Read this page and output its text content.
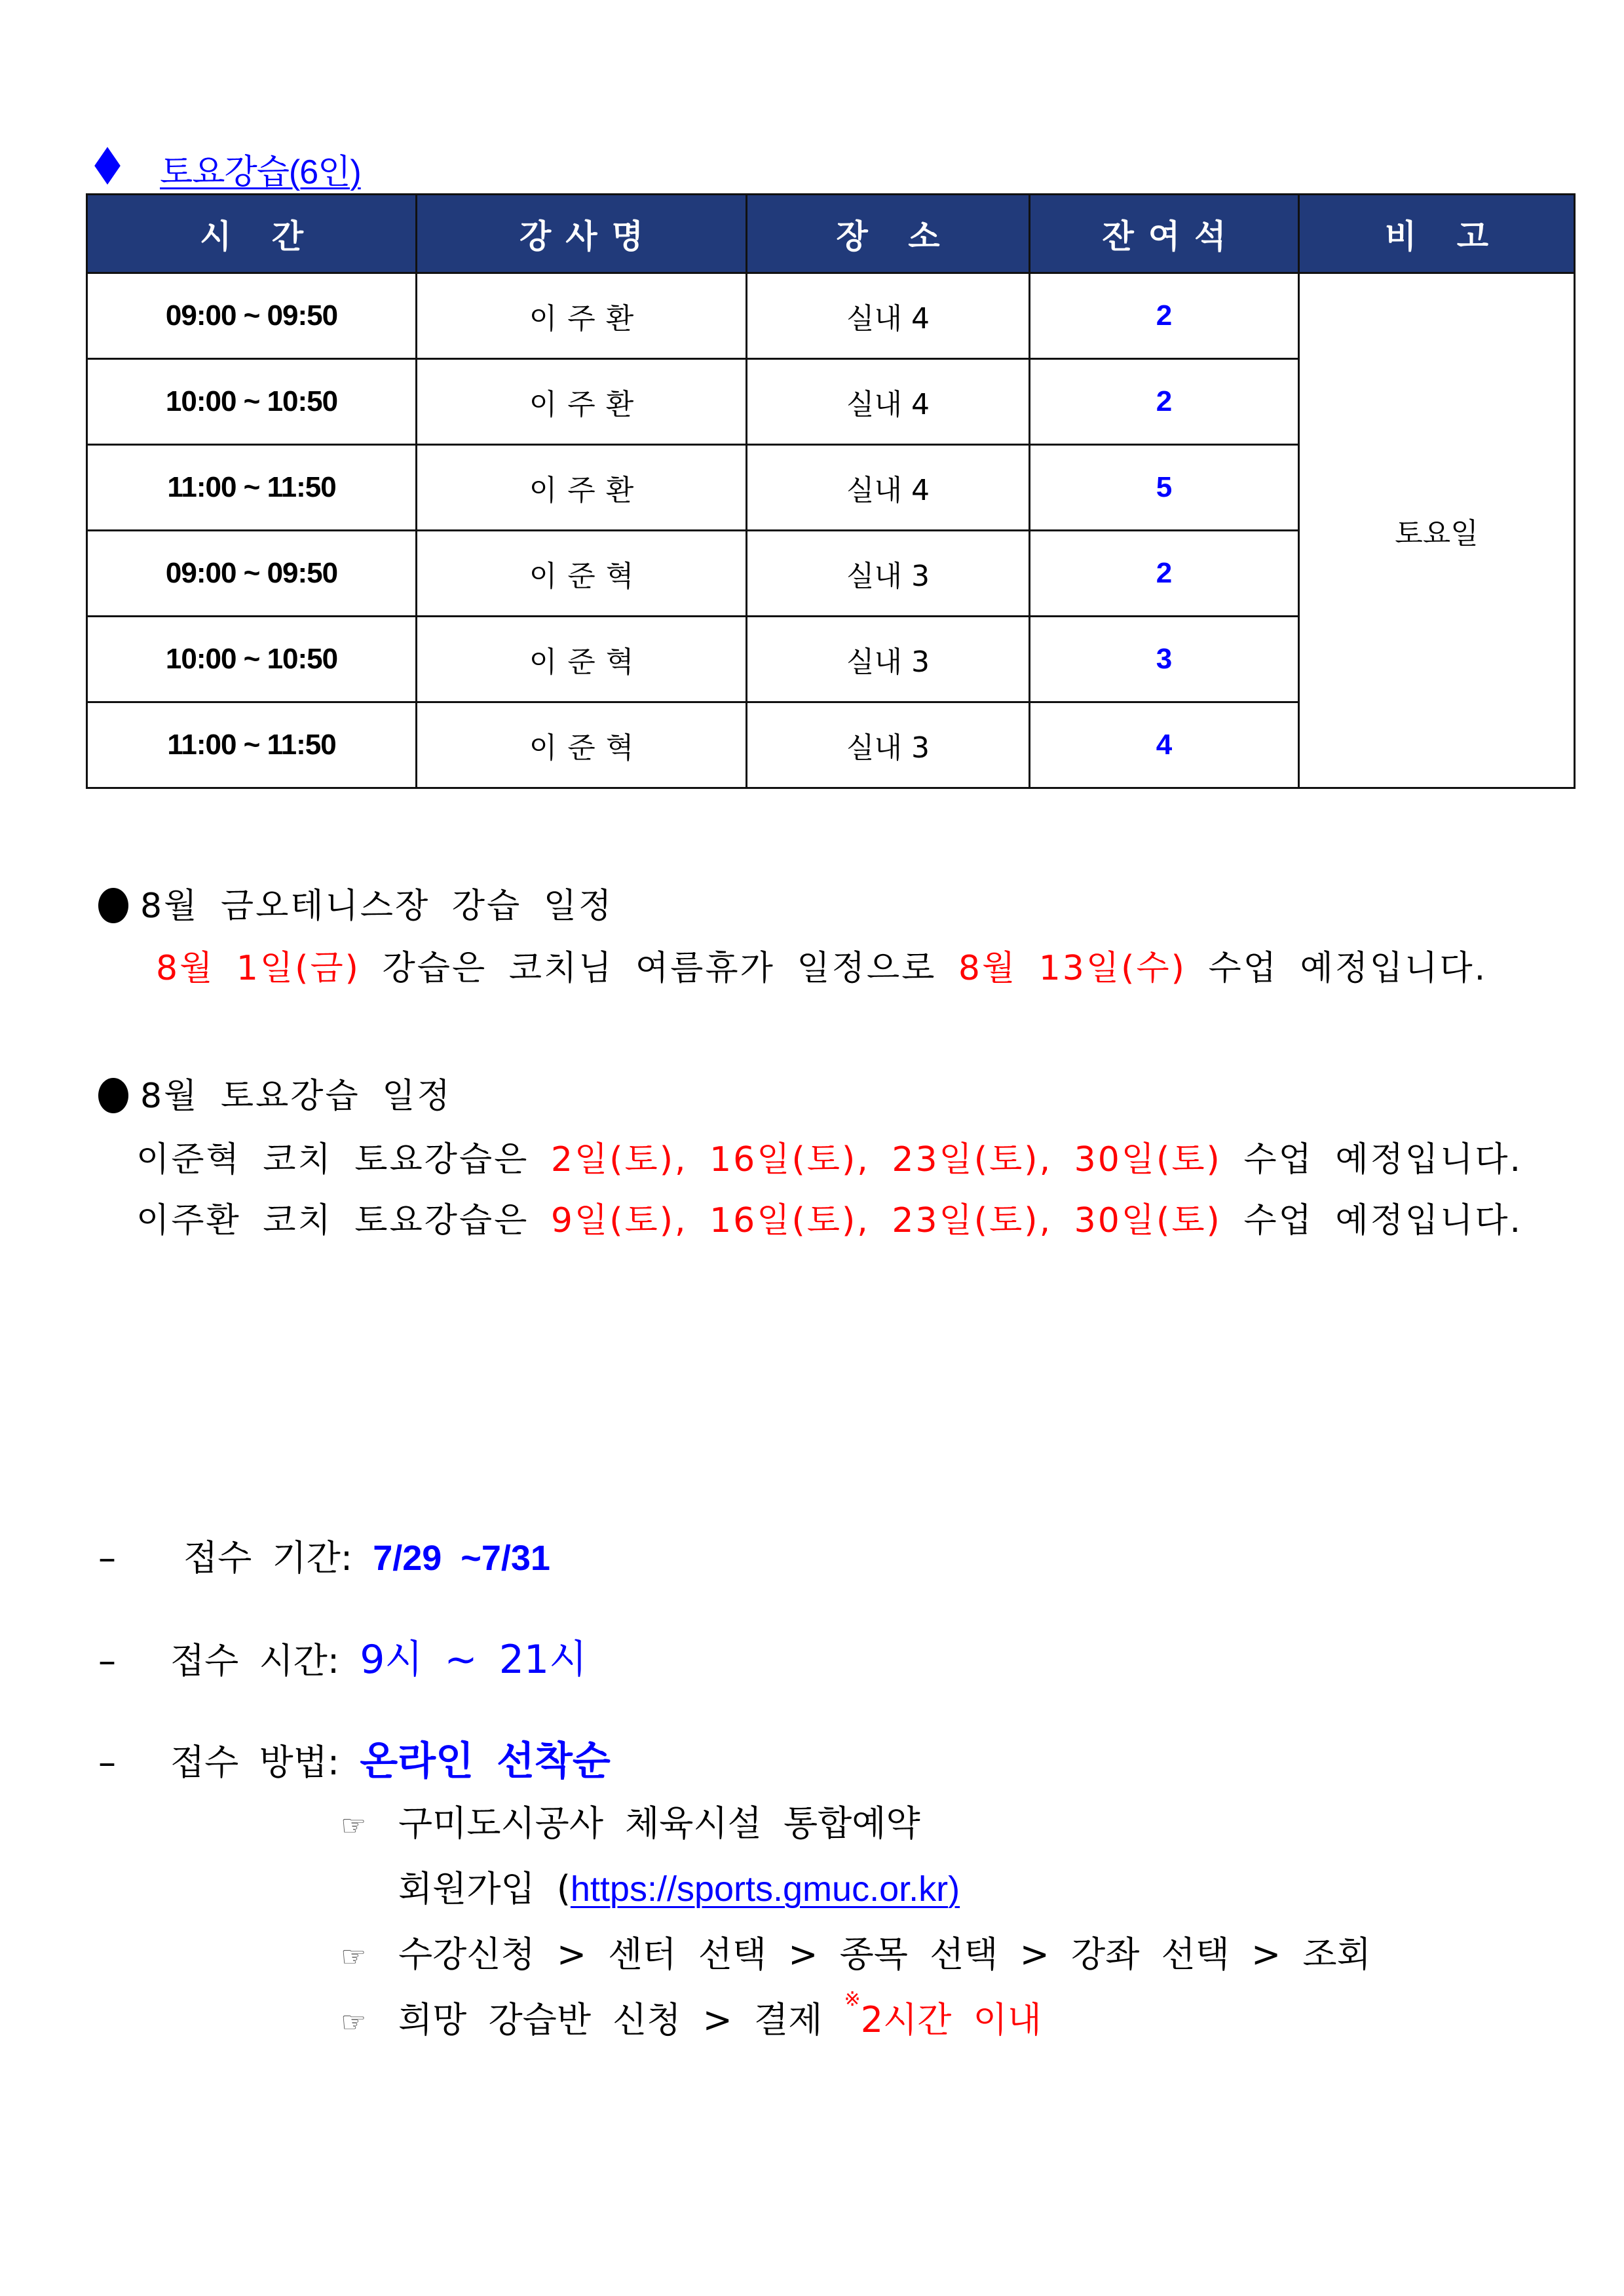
토요강습(6인)
시 간	강사명	장 소	잔여석	비 고
09:00 ~ 09:50	이주환	실내 4	2	토요일
10:00 ~ 10:50	이주환	실내 4	2	
11:00 ~ 11:50	이주환	실내 4	5	
09:00 ~ 09:50	이준혁	실내 3	2	
10:00 ~ 10:50	이준혁	실내 3	3	
11:00 ~ 11:50	이준혁	실내 3	4	
8월 금오테니스장 강습 일정
8월 1일(금) 강습은 코치님 여름휴가 일정으로 8월 13일(수) 수업 예정입니다.
8월 토요강습 일정
이준혁 코치 토요강습은 2일(토), 16일(토), 23일(토), 30일(토) 수업 예정입니다.
이주환 코치 토요강습은 9일(토), 16일(토), 23일(토), 30일(토) 수업 예정입니다.
– 접수 기간: 7/29 ~7/31
– 접수 시간: 9시 ~ 21시
– 접수 방법: 온라인 선착순
☞ 구미도시공사 체육시설 통합예약
회원가입 (https://sports.gmuc.or.kr)
☞ 수강신청 > 센터 선택 > 종목 선택 > 강좌 선택 > 조회
☞ 희망 강습반 신청 > 결제 ※2시간 이내
